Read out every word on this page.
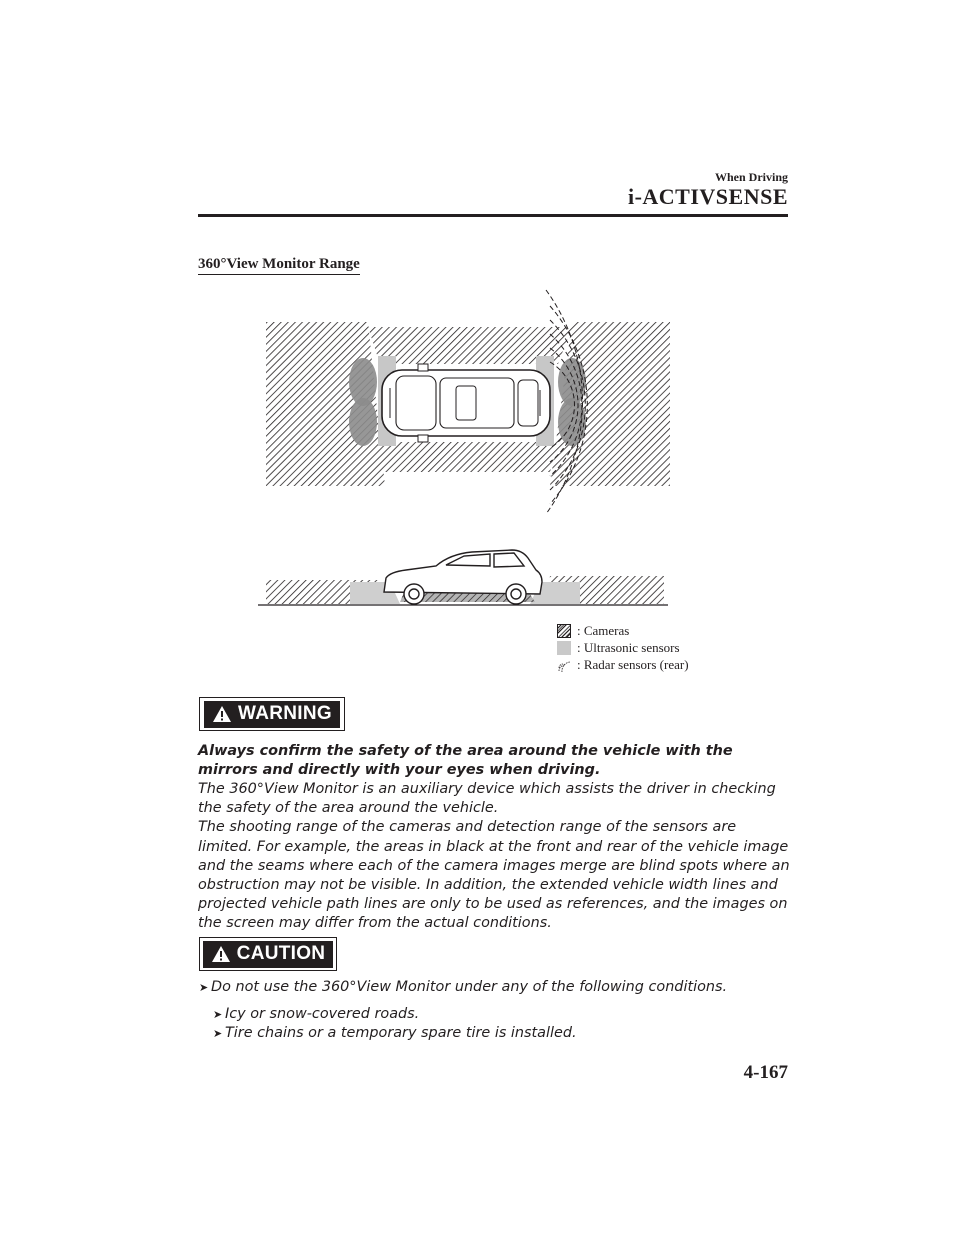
When Driving
i-ACTIVSENSE
360°View Monitor Range
: Cameras
: Ultrasonic sensors
: Radar sensors (rear)
WARNING
Always confirm the safety of the area around the vehicle with the mirrors and directly with your eyes when driving.
The 360°View Monitor is an auxiliary device which assists the driver in checking the safety of the area around the vehicle.
The shooting range of the cameras and detection range of the sensors are limited. For example, the areas in black at the front and rear of the vehicle image and the seams where each of the camera images merge are blind spots where an obstruction may not be visible. In addition, the extended vehicle width lines and projected vehicle path lines are only to be used as references, and the images on the screen may differ from the actual conditions.
CAUTION
➤ Do not use the 360°View Monitor under any of the following conditions.
➤ Icy or snow-covered roads.
➤ Tire chains or a temporary spare tire is installed.
4-167
